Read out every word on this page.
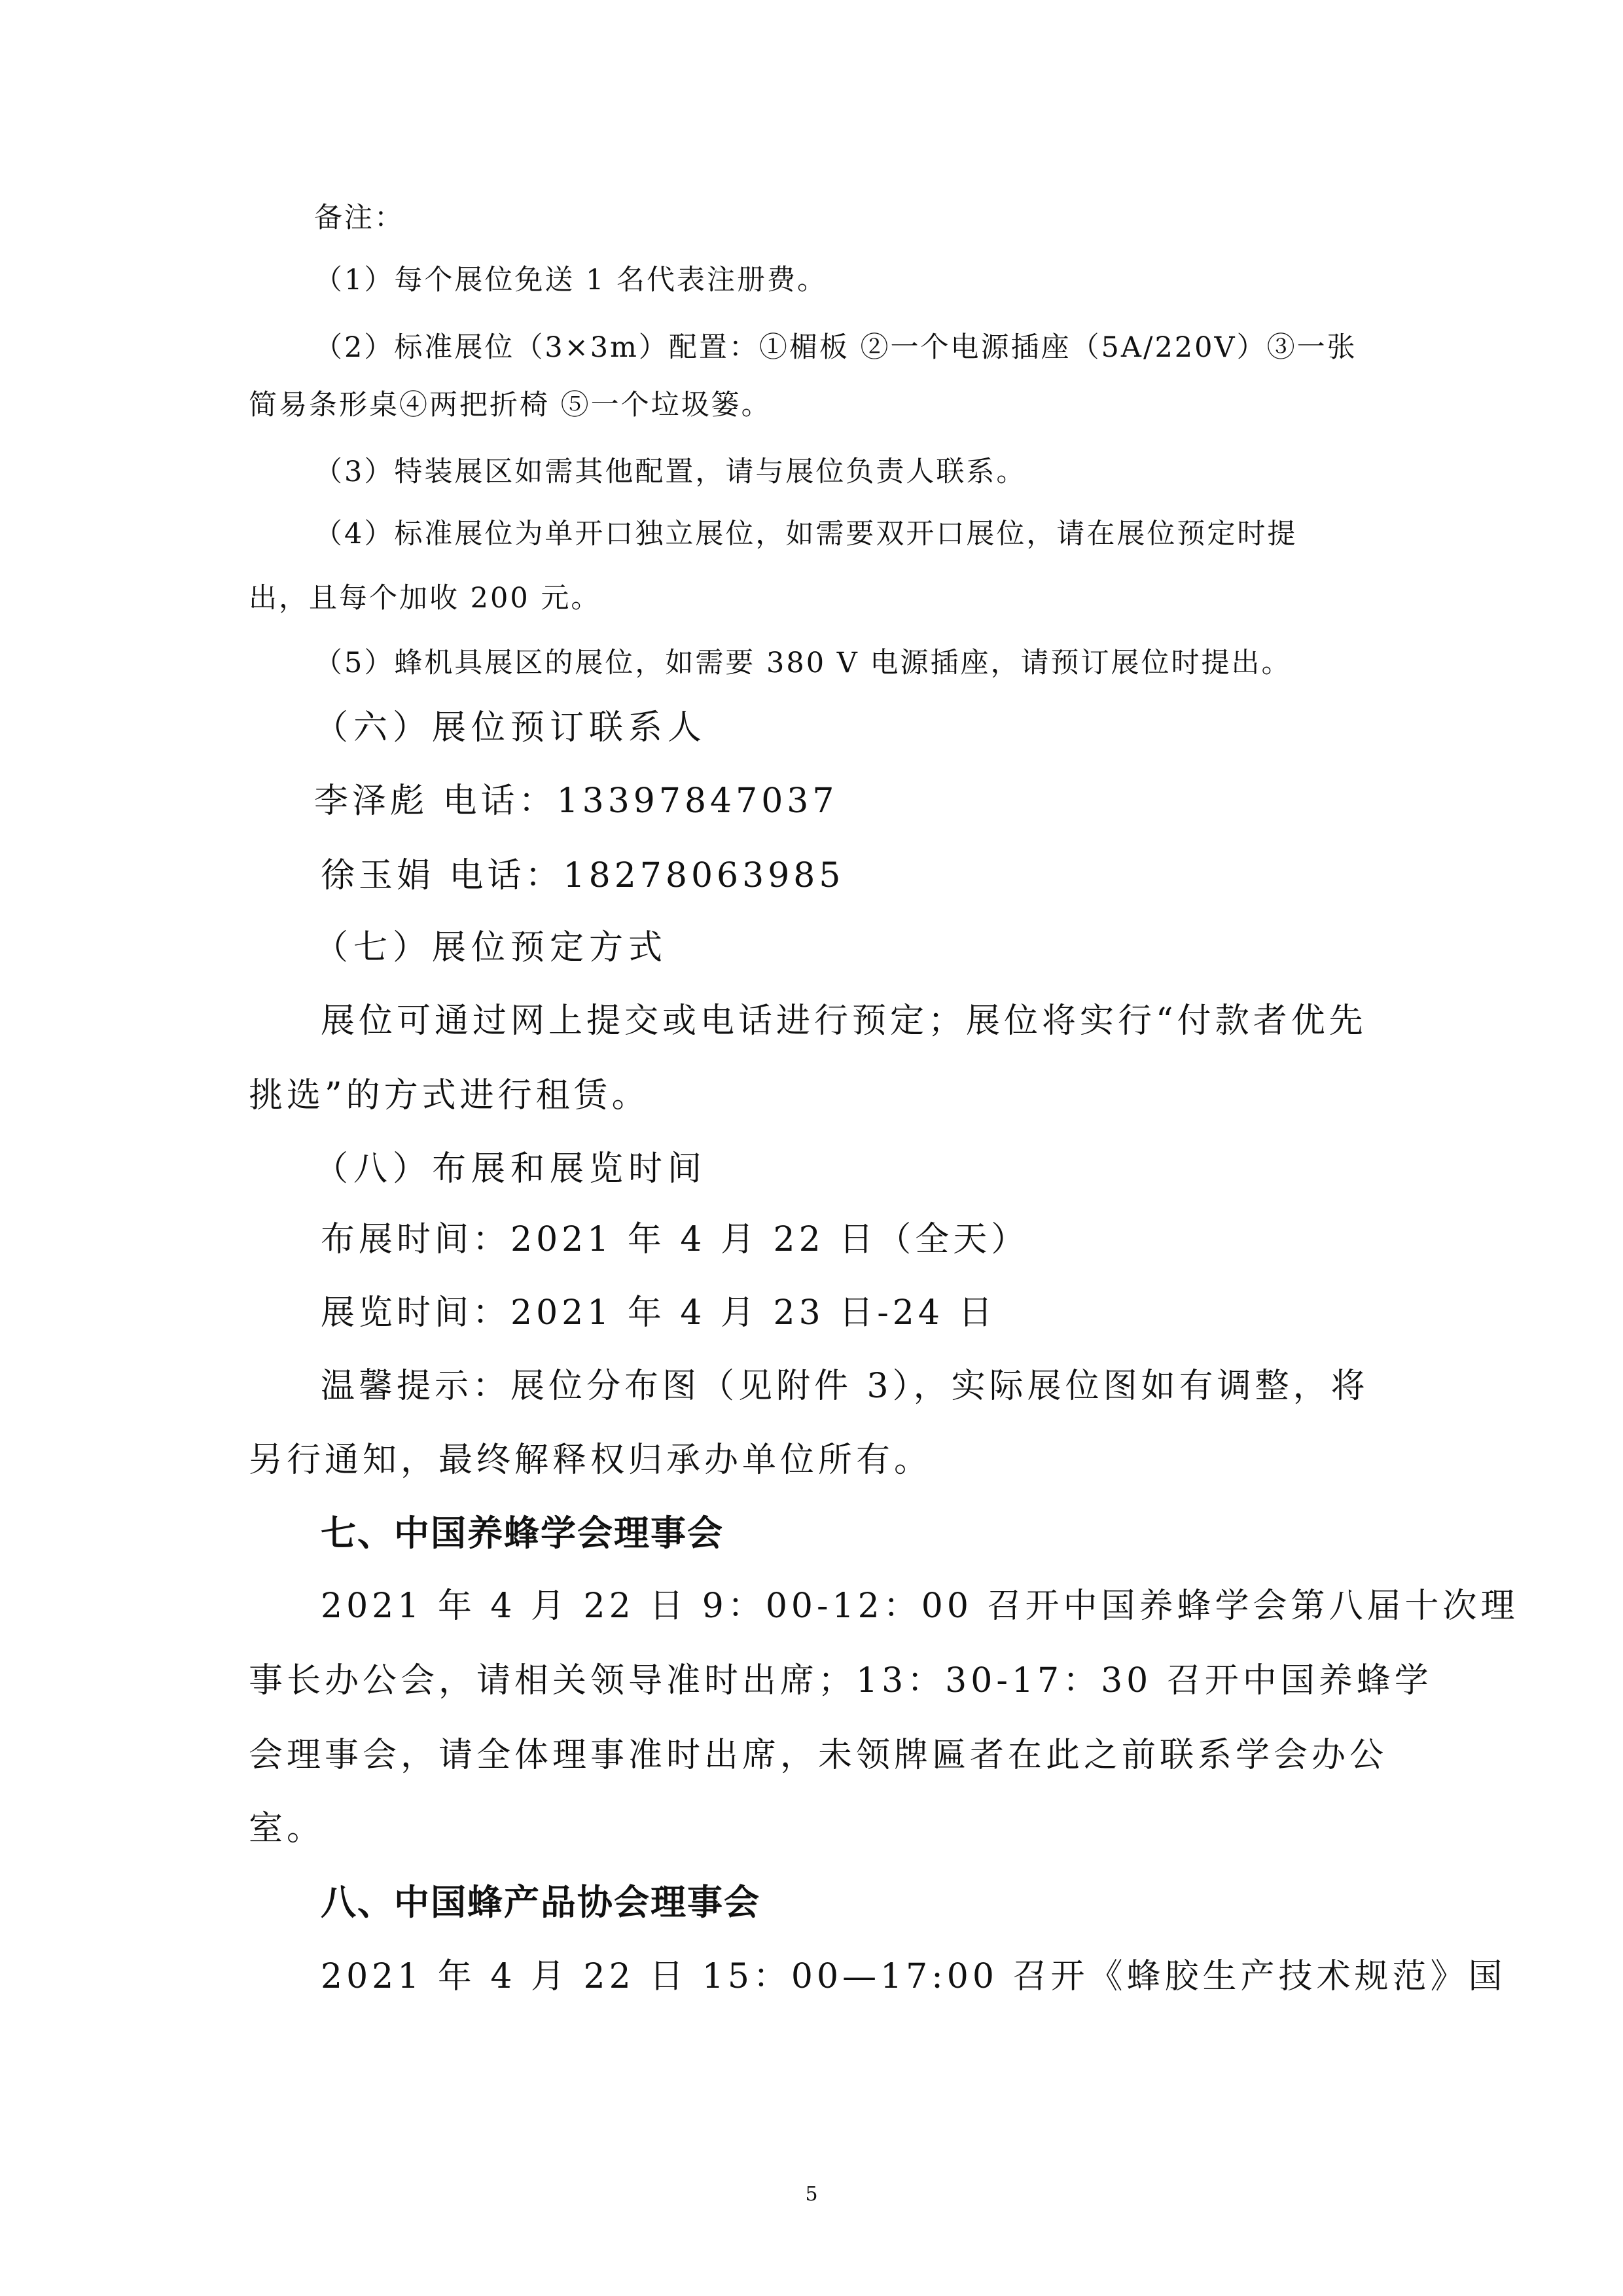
备注：

（1）每个展位免送 1 名代表注册费。

（2）标准展位（3×3m）配置：①楣板 ②一个电源插座（5A/220V）③一张

简易条形桌④两把折椅 ⑤一个垃圾篓。

（3）特装展区如需其他配置，请与展位负责人联系。

（4）标准展位为单开口独立展位，如需要双开口展位，请在展位预定时提

出，且每个加收 200 元。

（5）蜂机具展区的展位，如需要 380 V 电源插座，请预订展位时提出。

（六）展位预订联系人

李泽彪 电话：13397847037

徐玉娟 电话：18278063985

（七）展位预定方式

展位可通过网上提交或电话进行预定；展位将实行“付款者优先

挑选”的方式进行租赁。

（八）布展和展览时间

布展时间：2021 年 4 月 22 日（全天）

展览时间：2021 年 4 月 23 日-24 日

温馨提示：展位分布图（见附件 3），实际展位图如有调整，将

另行通知，最终解释权归承办单位所有。

七、中国养蜂学会理事会

2021 年 4 月 22 日 9：00-12：00 召开中国养蜂学会第八届十次理

事长办公会，请相关领导准时出席；13：30-17：30 召开中国养蜂学

会理事会，请全体理事准时出席，未领牌匾者在此之前联系学会办公

室。

八、中国蜂产品协会理事会

2021 年 4 月 22 日 15：00—17:00 召开《蜂胶生产技术规范》国

5
